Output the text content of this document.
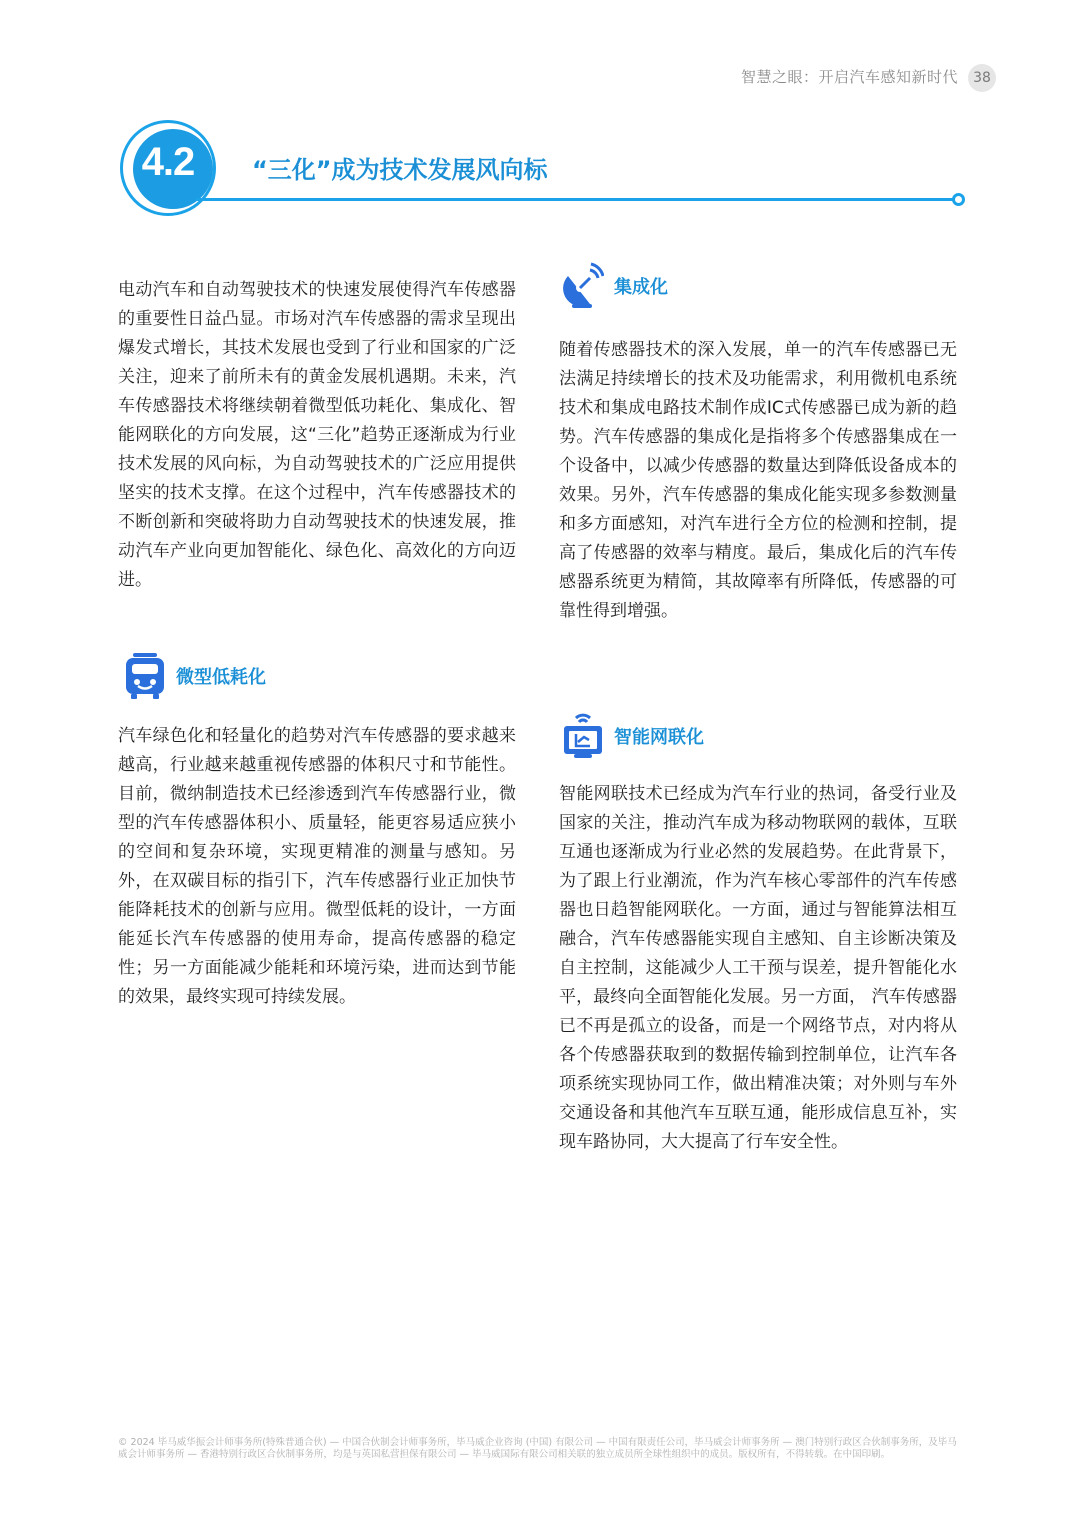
智慧之眼：开启汽车感知新时代	38
4.2	“三化”成为技术发展风向标

电动汽车和自动驾驶技术的快速发展使得汽车传感器的重要性日益凸显。市场对汽车传感器的需求呈现出爆发式增长，其技术发展也受到了行业和国家的广泛关注，迎来了前所未有的黄金发展机遇期。未来，汽车传感器技术将继续朝着微型低功耗化、集成化、智能网联化的方向发展，这“三化”趋势正逐渐成为行业技术发展的风向标，为自动驾驶技术的广泛应用提供坚实的技术支撑。在这个过程中，汽车传感器技术的不断创新和突破将助力自动驾驶技术的快速发展，推动汽车产业向更加智能化、绿色化、高效化的方向迈进。

微型低耗化

汽车绿色化和轻量化的趋势对汽车传感器的要求越来越高，行业越来越重视传感器的体积尺寸和节能性。目前，微纳制造技术已经渗透到汽车传感器行业，微型的汽车传感器体积小、质量轻，能更容易适应狭小的空间和复杂环境，实现更精准的测量与感知。另外，在双碳目标的指引下，汽车传感器行业正加快节能降耗技术的创新与应用。微型低耗的设计，一方面能延长汽车传感器的使用寿命，提高传感器的稳定性；另一方面能减少能耗和环境污染，进而达到节能的效果，最终实现可持续发展。

集成化

随着传感器技术的深入发展，单一的汽车传感器已无法满足持续增长的技术及功能需求，利用微机电系统技术和集成电路技术制作成IC式传感器已成为新的趋势。汽车传感器的集成化是指将多个传感器集成在一个设备中，以减少传感器的数量达到降低设备成本的效果。另外，汽车传感器的集成化能实现多参数测量和多方面感知，对汽车进行全方位的检测和控制，提高了传感器的效率与精度。最后，集成化后的汽车传感器系统更为精简，其故障率有所降低，传感器的可靠性得到增强。

智能网联化

智能网联技术已经成为汽车行业的热词，备受行业及国家的关注，推动汽车成为移动物联网的载体，互联互通也逐渐成为行业必然的发展趋势。在此背景下，为了跟上行业潮流，作为汽车核心零部件的汽车传感器也日趋智能网联化。一方面，通过与智能算法相互融合，汽车传感器能实现自主感知、自主诊断决策及自主控制，这能减少人工干预与误差，提升智能化水平，最终向全面智能化发展。另一方面， 汽车传感器已不再是孤立的设备，而是一个网络节点，对内将从各个传感器获取到的数据传输到控制单位，让汽车各项系统实现协同工作，做出精准决策；对外则与车外交通设备和其他汽车互联互通，能形成信息互补，实现车路协同，大大提高了行车安全性。

© 2024 毕马威华振会计师事务所(特殊普通合伙) — 中国合伙制会计师事务所，毕马威企业咨询 (中国) 有限公司 — 中国有限责任公司，毕马威会计师事务所 — 澳门特别行政区合伙制事务所，及毕马威会计师事务所 — 香港特别行政区合伙制事务所，均是与英国私营担保有限公司 — 毕马威国际有限公司相关联的独立成员所全球性组织中的成员。版权所有，不得转载。在中国印刷。
